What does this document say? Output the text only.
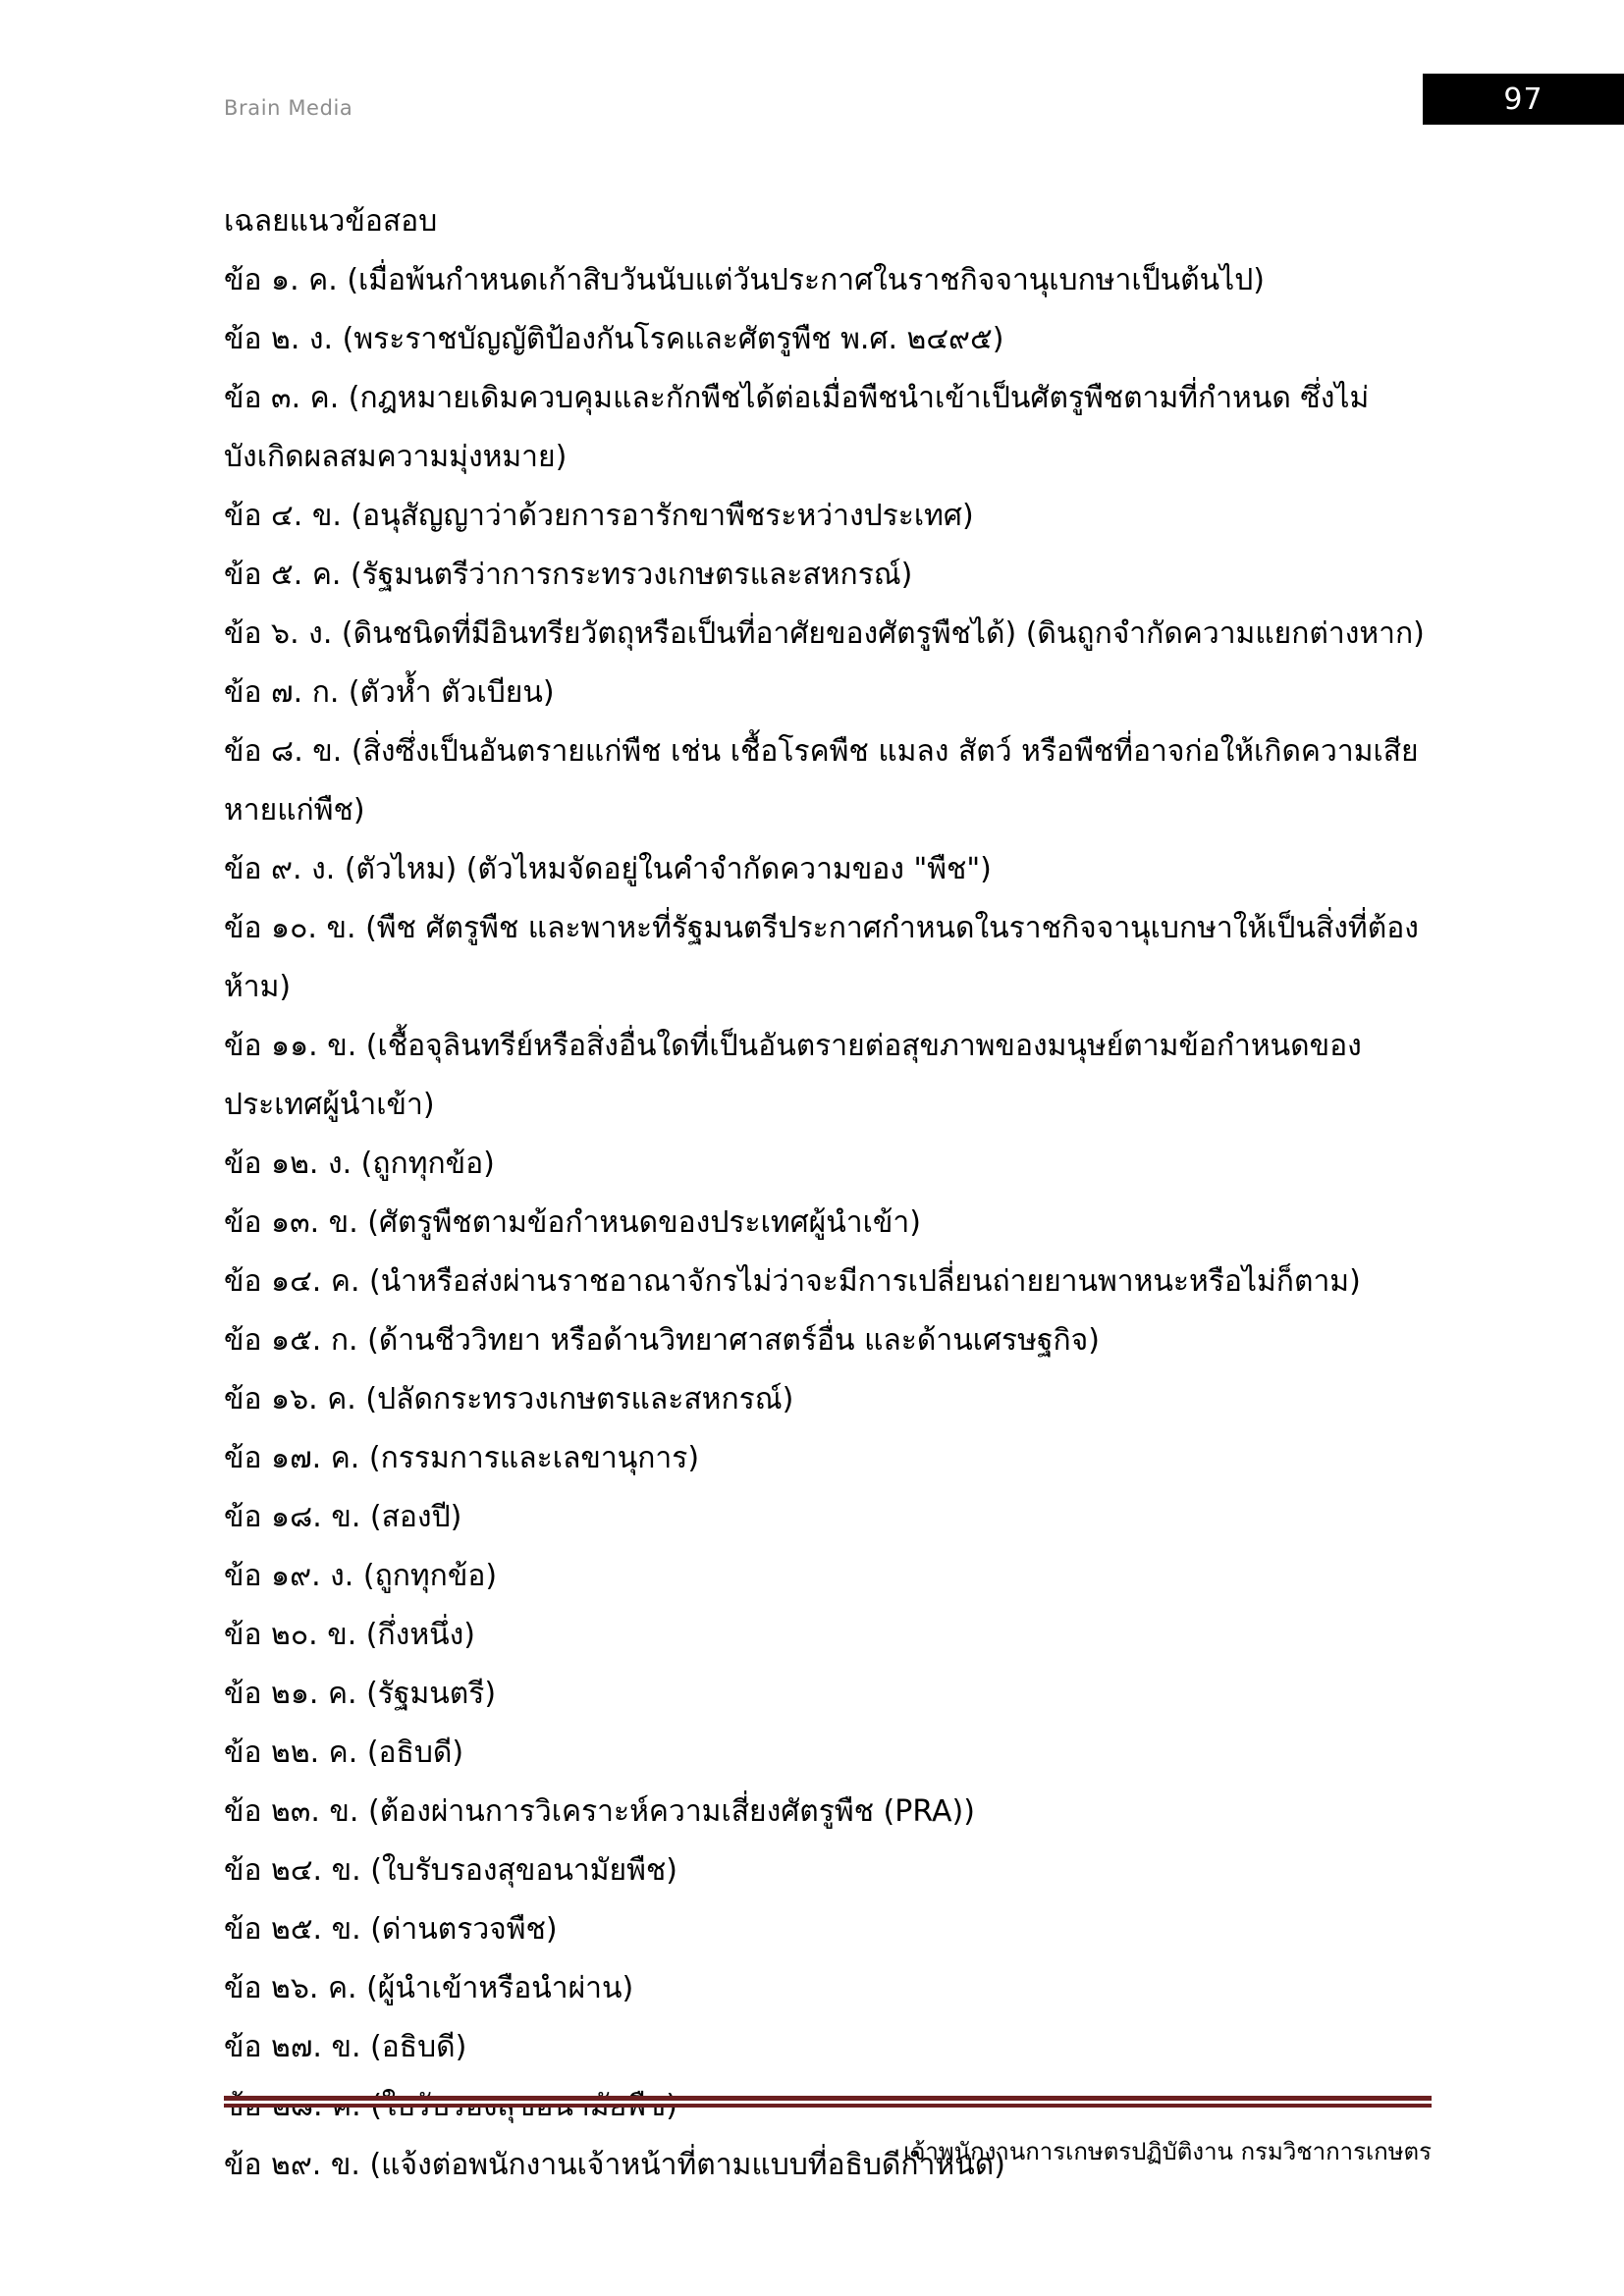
Brain Media	97
เฉลยแนวข้อสอบ
ข้อ ๑. ค. (เมื่อพ้นกำหนดเก้าสิบวันนับแต่วันประกาศในราชกิจจานุเบกษาเป็นต้นไป)
ข้อ ๒. ง. (พระราชบัญญัติป้องกันโรคและศัตรูพืช พ.ศ. ๒๔๙๕)
ข้อ ๓. ค. (กฎหมายเดิมควบคุมและกักพืชได้ต่อเมื่อพืชนำเข้าเป็นศัตรูพืชตามที่กำหนด ซึ่งไม่บังเกิดผลสมความมุ่งหมาย)
ข้อ ๔. ข. (อนุสัญญาว่าด้วยการอารักขาพืชระหว่างประเทศ)
ข้อ ๕. ค. (รัฐมนตรีว่าการกระทรวงเกษตรและสหกรณ์)
ข้อ ๖. ง. (ดินชนิดที่มีอินทรียวัตถุหรือเป็นที่อาศัยของศัตรูพืชได้) (ดินถูกจำกัดความแยกต่างหาก)
ข้อ ๗. ก. (ตัวห้ำ ตัวเบียน)
ข้อ ๘. ข. (สิ่งซึ่งเป็นอันตรายแก่พืช เช่น เชื้อโรคพืช แมลง สัตว์ หรือพืชที่อาจก่อให้เกิดความเสียหายแก่พืช)
ข้อ ๙. ง. (ตัวไหม) (ตัวไหมจัดอยู่ในคำจำกัดความของ "พืช")
ข้อ ๑๐. ข. (พืช ศัตรูพืช และพาหะที่รัฐมนตรีประกาศกำหนดในราชกิจจานุเบกษาให้เป็นสิ่งที่ต้องห้าม)
ข้อ ๑๑. ข. (เชื้อจุลินทรีย์หรือสิ่งอื่นใดที่เป็นอันตรายต่อสุขภาพของมนุษย์ตามข้อกำหนดของประเทศผู้นำเข้า)
ข้อ ๑๒. ง. (ถูกทุกข้อ)
ข้อ ๑๓. ข. (ศัตรูพืชตามข้อกำหนดของประเทศผู้นำเข้า)
ข้อ ๑๔. ค. (นำหรือส่งผ่านราชอาณาจักรไม่ว่าจะมีการเปลี่ยนถ่ายยานพาหนะหรือไม่ก็ตาม)
ข้อ ๑๕. ก. (ด้านชีววิทยา หรือด้านวิทยาศาสตร์อื่น และด้านเศรษฐกิจ)
ข้อ ๑๖. ค. (ปลัดกระทรวงเกษตรและสหกรณ์)
ข้อ ๑๗. ค. (กรรมการและเลขานุการ)
ข้อ ๑๘. ข. (สองปี)
ข้อ ๑๙. ง. (ถูกทุกข้อ)
ข้อ ๒๐. ข. (กึ่งหนึ่ง)
ข้อ ๒๑. ค. (รัฐมนตรี)
ข้อ ๒๒. ค. (อธิบดี)
ข้อ ๒๓. ข. (ต้องผ่านการวิเคราะห์ความเสี่ยงศัตรูพืช (PRA))
ข้อ ๒๔. ข. (ใบรับรองสุขอนามัยพืช)
ข้อ ๒๕. ข. (ด่านตรวจพืช)
ข้อ ๒๖. ค. (ผู้นำเข้าหรือนำผ่าน)
ข้อ ๒๗. ข. (อธิบดี)
ข้อ ๒๙. ข. (แจ้งต่อพนักงานเจ้าหน้าที่ตามแบบที่อธิบดีกำหนด)
เจ้าพนักงานการเกษตรปฏิบัติงาน กรมวิชาการเกษตร
